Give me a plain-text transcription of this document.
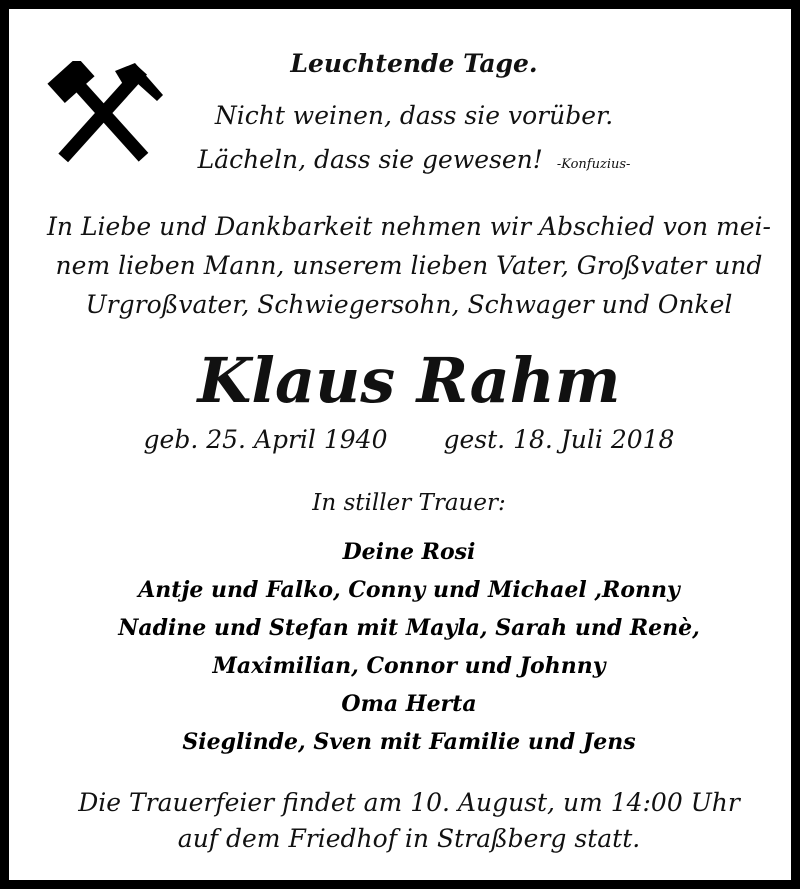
Leuchtende Tage.
Nicht weinen, dass sie vorüber.
Lächeln, dass sie gewesen! -Konfuzius-
In Liebe und Dankbarkeit nehmen wir Abschied von mei-
nem lieben Mann, unserem lieben Vater, Großvater und
Urgroßvater, Schwiegersohn, Schwager und Onkel
Klaus Rahm
geb. 25. April 1940 gest. 18. Juli 2018
In stiller Trauer:
Deine Rosi
Antje und Falko, Conny und Michael ,Ronny
Nadine und Stefan mit Mayla, Sarah und Renè,
Maximilian, Connor und Johnny
Oma Herta
Sieglinde, Sven mit Familie und Jens
Die Trauerfeier findet am 10. August, um 14:00 Uhr
auf dem Friedhof in Straßberg statt.
